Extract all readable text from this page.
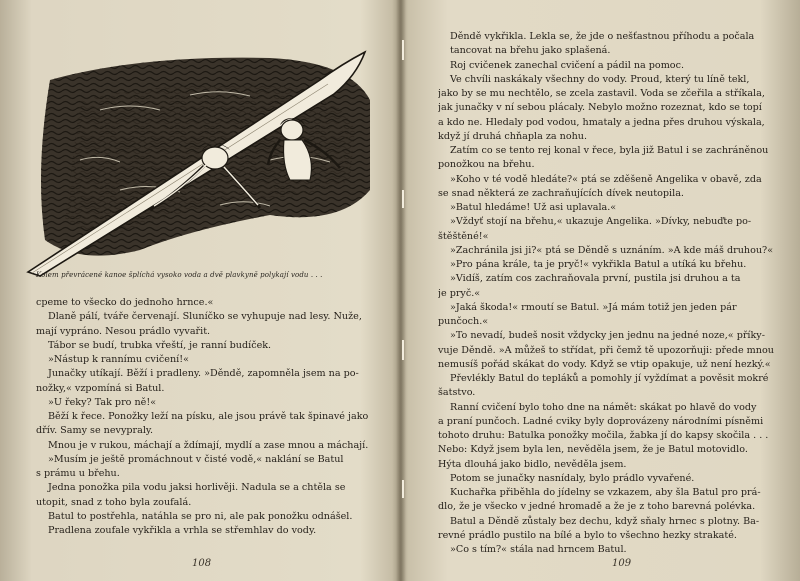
Kolem převrácené kanoe šplíchá vysoko voda a dvě plavkyně polykají vodu . . .
cpeme to všecko do jednoho hrnce.«
Dlaně pálí, tváře červenají. Sluníčko se vyhupuje nad lesy. Nuže,
mají vypráno. Nesou prádlo vyvařit.
Tábor se budí, trubka vřeští, je ranní budíček.
»Nástup k rannímu cvičení!«
Junačky utíkají. Běží i pradleny. »Děndě, zapomněla jsem na po-
nožky,« vzpomíná si Batul.
»U řeky? Tak pro ně!«
Běží k řece. Ponožky leží na písku, ale jsou právě tak špinavé jako
dřív. Samy se nevypraly.
Mnou je v rukou, máchají a ždímají, mydlí a zase mnou a máchají.
»Musím je ještě promáchnout v čisté vodě,« naklání se Batul
s prámu u břehu.
Jedna ponožka pila vodu jaksi horlivěji. Nadula se a chtěla se
utopit, snad z toho byla zoufalá.
Batul to postřehla, natáhla se pro ni, ale pak ponožku odnášel.
Pradlena zoufale vykřikla a vrhla se střemhlav do vody.
108
Děndě vykřikla. Lekla se, že jde o nešťastnou příhodu a počala
tancovat na břehu jako splašená.
Roj cvičenek zanechal cvičení a pádil na pomoc.
Ve chvíli naskákaly všechny do vody. Proud, který tu líně tekl,
jako by se mu nechtělo, se zcela zastavil. Voda se zčeřila a stříkala,
jak junačky v ní sebou plácaly. Nebylo možno rozeznat, kdo se topí
a kdo ne. Hledaly pod vodou, hmataly a jedna přes druhou výskala,
když jí druhá chňapla za nohu.
Zatím co se tento rej konal v řece, byla již Batul i se zachráněnou
ponožkou na břehu.
»Koho v té vodě hledáte?« ptá se zděšeně Angelika v obavě, zda
se snad některá ze zachraňujících dívek neutopila.
»Batul hledáme! Už asi uplavala.«
»Vždyť stojí na břehu,« ukazuje Angelika. »Dívky, nebuďte po-
štěštěné!«
»Zachránila jsi ji?« ptá se Děndě s uznáním. »A kde máš druhou?«
»Pro pána krále, ta je pryč!« vykřikla Batul a utíká ku břehu.
»Vidíš, zatím cos zachraňovala první, pustila jsi druhou a ta
je pryč.«
»Jaká škoda!« rmoutí se Batul. »Já mám totiž jen jeden pár
punčoch.«
»To nevadí, budeš nosit vždycky jen jednu na jedné noze,« příky-
vuje Děndě. »A můžeš to střídat, při čemž tě upozorňuji: přede mnou
nemusíš pořád skákat do vody. Když se vtip opakuje, už není hezký.«
Převlékly Batul do tepláků a pomohly jí vyždímat a pověsit mokré
šatstvo.
Ranní cvičení bylo toho dne na námět: skákat po hlavě do vody
a praní punčoch. Ladné cviky byly doprovázeny národními písněmi
tohoto druhu: Batulka ponožky močila, žabka jí do kapsy skočila . . .
Nebo: Když jsem byla len, nevěděla jsem, že je Batul motovidlo.
Hýta dlouhá jako bidlo, nevěděla jsem.
Potom se junačky nasnídaly, bylo prádlo vyvařené.
Kuchařka přiběhla do jídelny se vzkazem, aby šla Batul pro prá-
dlo, že je všecko v jedné hromadě a že je z toho barevná polévka.
Batul a Děndě zůstaly bez dechu, když sňaly hrnec s plotny. Ba-
revné prádlo pustilo na bílé a bylo to všechno hezky strakaté.
»Co s tím?« stála nad hrncem Batul.
109
